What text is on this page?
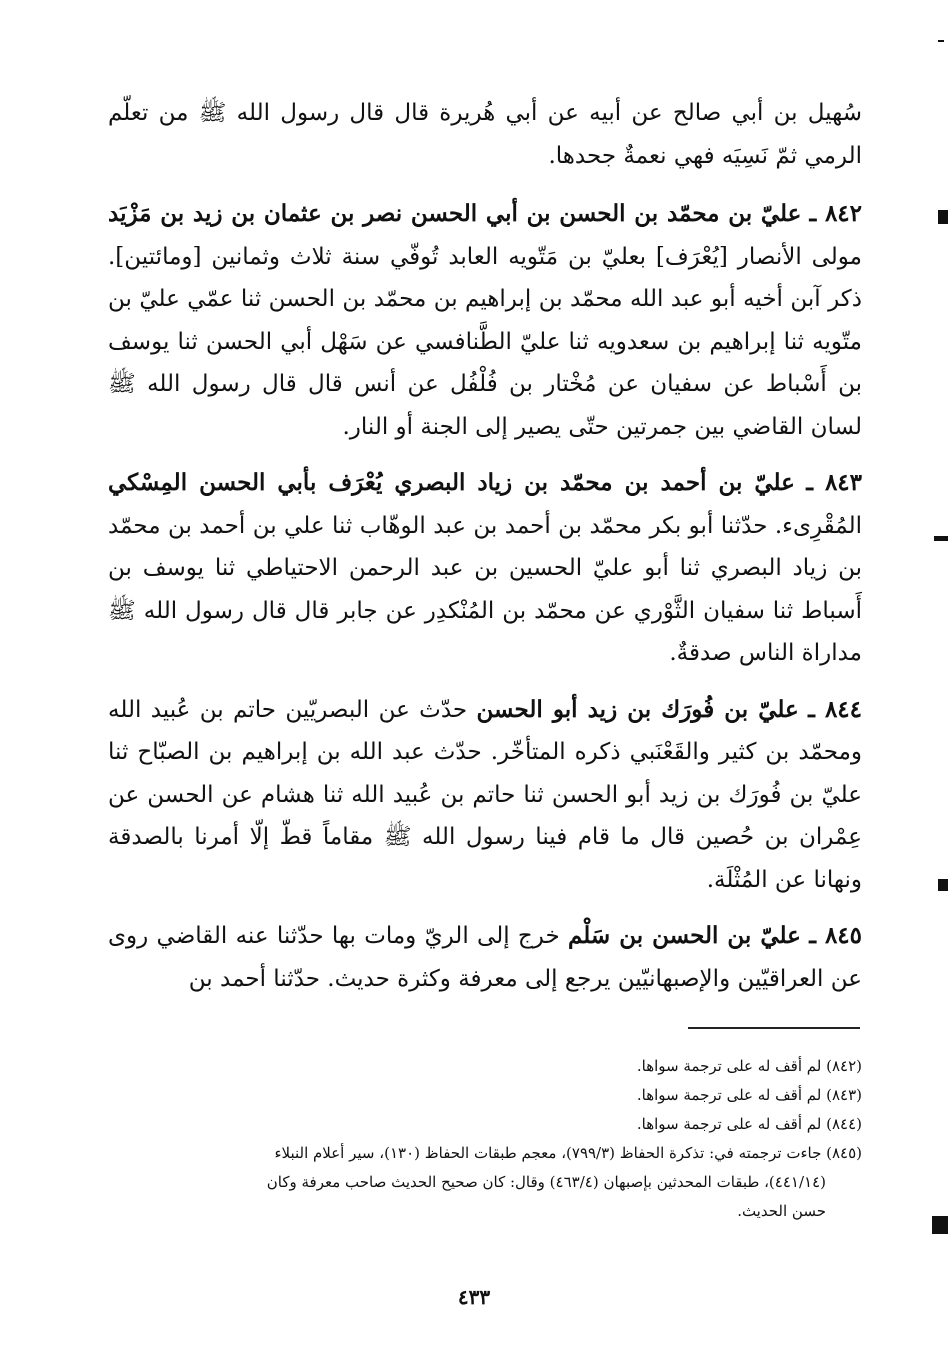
سُهيل بن أبي صالح عن أبيه عن أبي هُريرة قال قال رسول الله ﷺ من تعلّم الرمي ثمّ نَسِيَه فهي نعمةٌ جحدها.

٨٤٢ ـ عليّ بن محمّد بن الحسن بن أبي الحسن نصر بن عثمان بن زيد بن مَزْيَد مولى الأنصار [يُعْرَف] بعليّ بن مَتّويه العابد تُوفّي سنة ثلاث وثمانين [ومائتين]. ذكر آبن أخيه أبو عبد الله محمّد بن إبراهيم بن محمّد بن الحسن ثنا عمّي عليّ بن متّويه ثنا إبراهيم بن سعدويه ثنا عليّ الطَّنافسي عن سَهْل أبي الحسن ثنا يوسف بن أَسْباط عن سفيان عن مُخْتار بن فُلْفُل عن أنس قال قال رسول الله ﷺ لسان القاضي بين جمرتين حتّى يصير إلى الجنة أو النار.

٨٤٣ ـ عليّ بن أحمد بن محمّد بن زياد البصري يُعْرَف بأبي الحسن المِسْكي المُقْرِىء. حدّثنا أبو بكر محمّد بن أحمد بن عبد الوهّاب ثنا علي بن أحمد بن محمّد بن زياد البصري ثنا أبو عليّ الحسين بن عبد الرحمن الاحتياطي ثنا يوسف بن أَسباط ثنا سفيان الثَّوْري عن محمّد بن المُنْكدِر عن جابر قال قال رسول الله ﷺ مداراة الناس صدقةٌ.

٨٤٤ ـ عليّ بن فُورَك بن زيد أبو الحسن حدّث عن البصريّين حاتم بن عُبيد الله ومحمّد بن كثير والقَعْنَبي ذكره المتأخّر. حدّث عبد الله بن إبراهيم بن الصبّاح ثنا عليّ بن فُورَك بن زيد أبو الحسن ثنا حاتم بن عُبيد الله ثنا هشام عن الحسن عن عِمْران بن حُصين قال ما قام فينا رسول الله ﷺ مقاماً قطّ إلّا أمرنا بالصدقة ونهانا عن المُثْلَة.

٨٤٥ ـ عليّ بن الحسن بن سَلْم خرج إلى الريّ ومات بها حدّثنا عنه القاضي روى عن العراقيّين والإصبهانيّين يرجع إلى معرفة وكثرة حديث. حدّثنا أحمد بن

(٨٤٢) لم أقف له على ترجمة سواها.

(٨٤٣) لم أقف له على ترجمة سواها.

(٨٤٤) لم أقف له على ترجمة سواها.

(٨٤٥) جاءت ترجمته في: تذكرة الحفاظ (٧٩٩/٣)، معجم طبقات الحفاظ (١٣٠)، سير أعلام النبلاء

(٤٤١/١٤)، طبقات المحدثين بإصبهان (٤٦٣/٤) وقال: كان صحيح الحديث صاحب معرفة وكان

حسن الحديث.

٤٣٣
